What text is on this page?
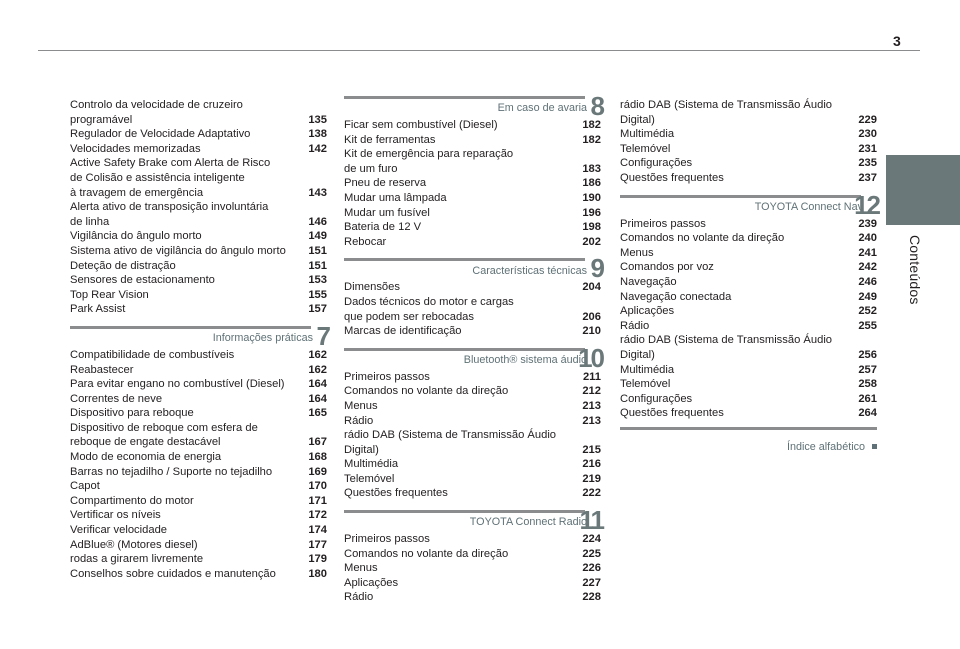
3
Conteúdos
Controlo da velocidade de cruzeiro
programável	135
Regulador de Velocidade Adaptativo	138
Velocidades memorizadas	142
Active Safety Brake com Alerta de Risco
de Colisão e assistência inteligente
à travagem de emergência	143
Alerta ativo de transposição involuntária
de linha	146
Vigilância do ângulo morto	149
Sistema ativo de vigilância do ângulo morto	151
Deteção de distração	151
Sensores de estacionamento	153
Top Rear Vision	155
Park Assist	157
Informações práticas 7
Compatibilidade de combustíveis	162
Reabastecer	162
Para evitar engano no combustível (Diesel)	164
Correntes de neve	164
Dispositivo para reboque	165
Dispositivo de reboque com esfera de
reboque de engate destacável	167
Modo de economia de energia	168
Barras no tejadilho / Suporte no tejadilho	169
Capot	170
Compartimento do motor	171
Vertificar os níveis	172
Verificar velocidade	174
AdBlue® (Motores diesel)	177
rodas a girarem livremente	179
Conselhos sobre cuidados e manutenção	180
Em caso de avaria 8
Ficar sem combustível (Diesel)	182
Kit de ferramentas	182
Kit de emergência para reparação
de um furo	183
Pneu de reserva	186
Mudar uma lâmpada	190
Mudar um fusível	196
Bateria de 12 V	198
Rebocar	202
Características técnicas 9
Dimensões	204
Dados técnicos do motor e cargas
que podem ser rebocadas	206
Marcas de identificação	210
Bluetooth® sistema áudio
10
Primeiros passos	211
Comandos no volante da direção	212
Menus	213
Rádio	213
rádio DAB (Sistema de Transmissão Áudio
Digital)	215
Multimédia	216
Telemóvel	219
Questões frequentes	222
TOYOTA Connect Radio
11
Primeiros passos	224
Comandos no volante da direção	225
Menus	226
Aplicações	227
Rádio	228
rádio DAB (Sistema de Transmissão Áudio
Digital)	229
Multimédia	230
Telemóvel	231
Configurações	235
Questões frequentes	237
TOYOTA Connect Nav
12
Primeiros passos	239
Comandos no volante da direção	240
Menus	241
Comandos por voz	242
Navegação	246
Navegação conectada	249
Aplicações	252
Rádio	255
rádio DAB (Sistema de Transmissão Áudio
Digital)	256
Multimédia	257
Telemóvel	258
Configurações	261
Questões frequentes	264
Índice alfabético
